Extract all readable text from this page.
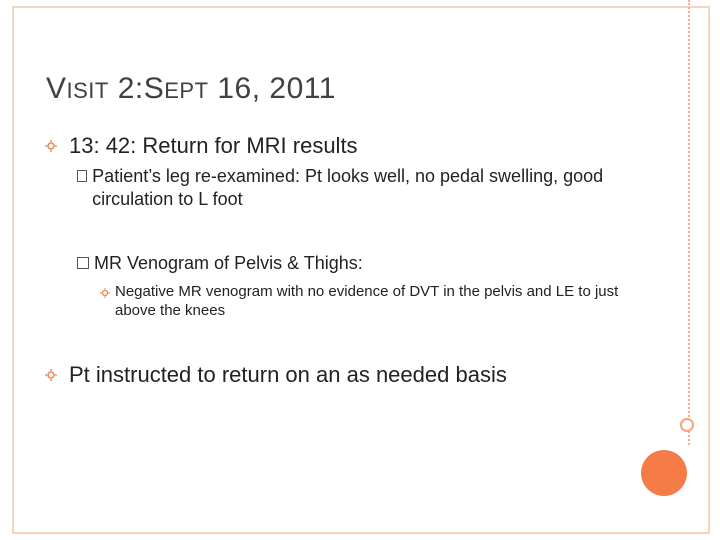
VISIT 2:SEPT 16, 2011
13: 42: Return for MRI results
Patient’s leg re-examined: Pt looks well, no pedal swelling, good circulation to L foot
MR Venogram of Pelvis & Thighs:
Negative MR venogram with no evidence of DVT in the pelvis and LE to just above the knees
Pt instructed to return on an as needed basis
